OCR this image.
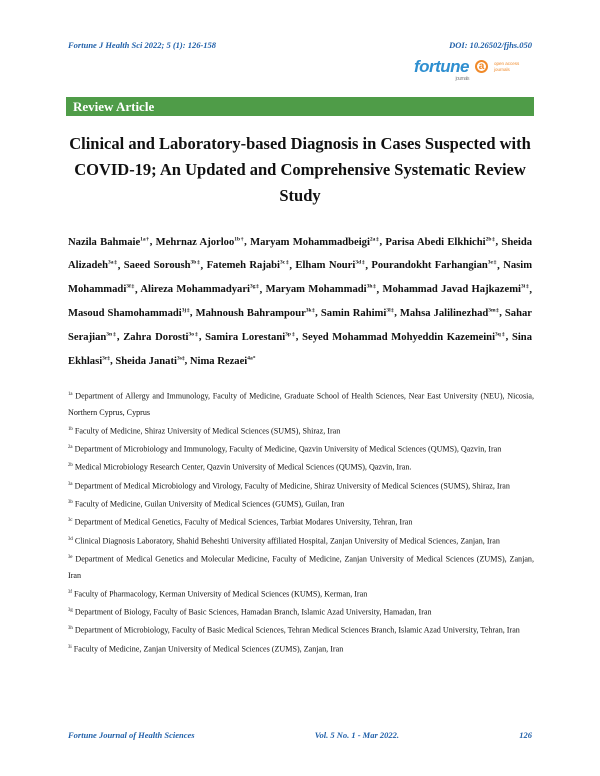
Fortune J Health Sci 2022; 5 (1): 126-158	DOI: 10.26502/fjhs.050
fortune
journals
a	open access journals
Review Article
Clinical and Laboratory-based Diagnosis in Cases Suspected with COVID-19; An Updated and Comprehensive Systematic Review Study
Nazila Bahmaie$^{1a\dagger}$, Mehrnaz Ajorloo$^{1b\dagger}$, Maryam Mohammadbeigi$^{2a\ddagger}$, Parisa Abedi Elkhichi$^{2b\ddagger}$, Sheida Alizadeh$^{3a\ddagger}$, Saeed Soroush$^{3b\ddagger}$, Fatemeh Rajabi$^{3c\ddagger}$, Elham Nouri$^{3d\ddagger}$, Pourandokht Farhangian$^{3e\ddagger}$, Nasim Mohammadi$^{3f\ddagger}$, Alireza Mohammadyari$^{3g\ddagger}$, Maryam Mohammadi$^{3h\ddagger}$, Mohammad Javad Hajkazemi$^{3i\ddagger}$, Masoud Shamohammadi$^{3j\ddagger}$, Mahnoush Bahrampour$^{3k\ddagger}$, Samin Rahimi$^{3l\ddagger}$, Mahsa Jalilinezhad$^{3m\ddagger}$, Sahar Serajian$^{3n\ddagger}$, Zahra Dorosti$^{3o\ddagger}$, Samira Lorestani$^{3p\ddagger}$, Seyed Mohammad Mohyeddin Kazemeini$^{3q\ddagger}$, Sina Ekhlasi$^{3r\ddagger}$, Sheida Janati$^{3s\ddagger}$, Nima Rezaei$^{4a*}$

$^{1a}$ Department of Allergy and Immunology, Faculty of Medicine, Graduate School of Health Sciences, Near East University (NEU), Nicosia, Northern Cyprus, Cyprus

$^{1b}$ Faculty of Medicine, Shiraz University of Medical Sciences (SUMS), Shiraz, Iran

$^{2a}$ Department of Microbiology and Immunology, Faculty of Medicine, Qazvin University of Medical Sciences (QUMS), Qazvin, Iran

$^{2b}$ Medical Microbiology Research Center, Qazvin University of Medical Sciences (QUMS), Qazvin, Iran.

$^{3a}$ Department of Medical Microbiology and Virology, Faculty of Medicine, Shiraz University of Medical Sciences (SUMS), Shiraz, Iran

$^{3b}$ Faculty of Medicine, Guilan University of Medical Sciences (GUMS), Guilan, Iran

$^{3c}$ Department of Medical Genetics, Faculty of Medical Sciences, Tarbiat Modares University, Tehran, Iran

$^{3d}$ Clinical Diagnosis Laboratory, Shahid Beheshti University affiliated Hospital, Zanjan University of Medical Sciences, Zanjan, Iran

$^{3e}$ Department of Medical Genetics and Molecular Medicine, Faculty of Medicine, Zanjan University of Medical Sciences (ZUMS), Zanjan, Iran

$^{3f}$ Faculty of Pharmacology, Kerman University of Medical Sciences (KUMS), Kerman, Iran

$^{3g}$ Department of Biology, Faculty of Basic Sciences, Hamadan Branch, Islamic Azad University, Hamadan, Iran

$^{3h}$ Department of Microbiology, Faculty of Basic Medical Sciences, Tehran Medical Sciences Branch, Islamic Azad University, Tehran, Iran

$^{3i}$ Faculty of Medicine, Zanjan University of Medical Sciences (ZUMS), Zanjan, Iran

Fortune Journal of Health Sciences	Vol. 5 No. 1 - Mar 2022.	126
